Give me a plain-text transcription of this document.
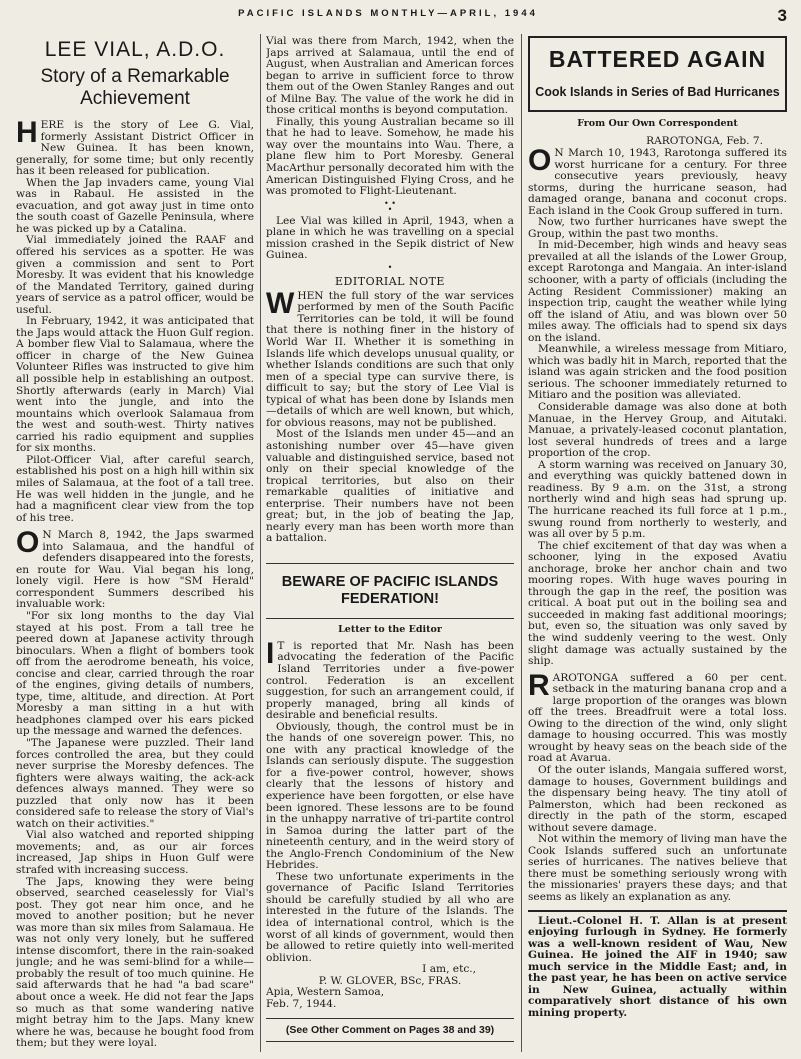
PACIFIC ISLANDS MONTHLY—APRIL, 1944	3
LEE VIAL, A.D.O.
Story of a Remarkable Achievement

HERE is the story of Lee G. Vial, formerly Assistant District Officer in New Guinea. It has been known, generally, for some time; but only recently has it been released for publication.

When the Jap invaders came, young Vial was in Rabaul. He assisted in the evacuation, and got away just in time onto the south coast of Gazelle Peninsula, where he was picked up by a Catalina.

Vial immediately joined the RAAF and offered his services as a spotter. He was given a commission and sent to Port Moresby. It was evident that his knowledge of the Mandated Territory, gained during years of service as a patrol officer, would be useful.

In February, 1942, it was anticipated that the Japs would attack the Huon Gulf region. A bomber flew Vial to Salamaua, where the officer in charge of the New Guinea Volunteer Rifles was instructed to give him all possible help in establishing an outpost. Shortly afterwards (early in March) Vial went into the jungle, and into the mountains which overlook Salamaua from the west and south-west. Thirty natives carried his radio equipment and supplies for six months.

Pilot-Officer Vial, after careful search, established his post on a high hill within six miles of Salamaua, at the foot of a tall tree. He was well hidden in the jungle, and he had a magnificent clear view from the top of his tree.

O N March 8, 1942, the Japs swarmed into Salamaua, and the handful of defenders disappeared into the forests, en route for Wau. Vial began his long, lonely vigil. Here is how "SM Herald" correspondent Summers described his invaluable work:

"For six long months to the day Vial stayed at his post. From a tall tree he peered down at Japanese activity through binoculars. When a flight of bombers took off from the aerodrome beneath, his voice, concise and clear, carried through the roar of the engines, giving details of numbers, type, time, altitude, and direction. At Port Moresby a man sitting in a hut with headphones clamped over his ears picked up the message and warned the defences.

"The Japanese were puzzled. Their land forces controlled the area, but they could never surprise the Moresby defences. The fighters were always waiting, the ack-ack defences always manned. They were so puzzled that only now has it been considered safe to release the story of Vial's watch on their activities."

Vial also watched and reported shipping movements; and, as our air forces increased, Jap ships in Huon Gulf were strafed with increasing success.

The Japs, knowing they were being observed, searched ceaselessly for Vial's post. They got near him once, and he moved to another position; but he never was more than six miles from Salamaua. He was not only very lonely, but he suffered intense discomfort, there in the rain-soaked jungle; and he was semi-blind for a while—probably the result of too much quinine. He said afterwards that he had "a bad scare" about once a week. He did not fear the Japs so much as that some wandering native might betray him to the Japs. Many knew where he was, because he bought food from them; but they were loyal.

Vial was there from March, 1942, when the Japs arrived at Salamaua, until the end of August, when Australian and American forces began to arrive in sufficient force to throw them out of the Owen Stanley Ranges and out of Milne Bay. The value of the work he did in those critical months is beyond computation.

Finally, this young Australian became so ill that he had to leave. Somehow, he made his way over the mountains into Wau. There, a plane flew him to Port Moresby. General MacArthur personally decorated him with the American Distinguished Flying Cross, and he was promoted to Flight-Lieutenant.

• • •

Lee Vial was killed in April, 1943, when a plane in which he was travelling on a special mission crashed in the Sepik district of New Guinea.

•
EDITORIAL NOTE

WHEN the full story of the war services performed by men of the South Pacific Territories can be told, it will be found that there is nothing finer in the history of World War II. Whether it is something in Islands life which develops unusual quality, or whether Islands conditions are such that only men of a special type can survive there, is difficult to say; but the story of Lee Vial is typical of what has been done by Islands men—details of which are well known, but which, for obvious reasons, may not be published.

Most of the Islands men under 45—and an astonishing number over 45—have given valuable and distinguished service, based not only on their special knowledge of the tropical territories, but also on their remarkable qualities of initiative and enterprise. Their numbers have not been great; but, in the job of beating the Jap, nearly every man has been worth more than a battalion.

BEWARE OF PACIFIC ISLANDS FEDERATION!
Letter to the Editor

I T is reported that Mr. Nash has been advocating the federation of the Pacific Island Territories under a five-power control. Federation is an excellent suggestion, for such an arrangement could, if properly managed, bring all kinds of desirable and beneficial results.

Obviously, though, the control must be in the hands of one sovereign power. This, no one with any practical knowledge of the Islands can seriously dispute. The suggestion for a five-power control, however, shows clearly that the lessons of history and experience have been forgotten, or else have been ignored. These lessons are to be found in the unhappy narrative of tri-partite control in Samoa during the latter part of the nineteenth century, and in the weird story of the Anglo-French Condominium of the New Hebrides.

These two unfortunate experiments in the governance of Pacific Island Territories should be carefully studied by all who are interested in the future of the Islands. The idea of international control, which is the worst of all kinds of government, would then be allowed to retire quietly into well-merited oblivion.

I am, etc.,
P. W. GLOVER, BSc, FRAS.
Apia, Western Samoa,
Feb. 7, 1944.
(See Other Comment on Pages 38 and 39)
BATTERED AGAIN
Cook Islands in Series of Bad Hurricanes
From Our Own Correspondent
RAROTONGA, Feb. 7.

O N March 10, 1943, Rarotonga suffered its worst hurricane for a century. For three consecutive years previously, heavy storms, during the hurricane season, had damaged orange, banana and coconut crops. Each island in the Cook Group suffered in turn.

Now, two further hurricanes have swept the Group, within the past two months.

In mid-December, high winds and heavy seas prevailed at all the islands of the Lower Group, except Rarotonga and Mangaia. An inter-island schooner, with a party of officials (including the Acting Resident Commissioner) making an inspection trip, caught the weather while lying off the island of Atiu, and was blown over 50 miles away. The officials had to spend six days on the island.

Meanwhile, a wireless message from Mitiaro, which was badly hit in March, reported that the island was again stricken and the food position serious. The schooner immediately returned to Mitiaro and the position was alleviated.

Considerable damage was also done at both Manuae, in the Hervey Group, and Aitutaki. Manuae, a privately-leased coconut plantation, lost several hundreds of trees and a large proportion of the crop.

A storm warning was received on January 30, and everything was quickly battened down in readiness. By 9 a.m. on the 31st, a strong northerly wind and high seas had sprung up. The hurricane reached its full force at 1 p.m., swung round from northerly to westerly, and was all over by 5 p.m.

The chief excitement of that day was when a schooner, lying in the exposed Avatiu anchorage, broke her anchor chain and two mooring ropes. With huge waves pouring in through the gap in the reef, the position was critical. A boat put out in the boiling sea and succeeded in making fast additional moorings; but, even so, the situation was only saved by the wind suddenly veering to the west. Only slight damage was actually sustained by the ship.

RAROTONGA suffered a 60 per cent. setback in the maturing banana crop and a large proportion of the oranges was blown off the trees. Breadfruit were a total loss. Owing to the direction of the wind, only slight damage to housing occurred. This was mostly wrought by heavy seas on the beach side of the road at Avarua.

Of the outer islands, Mangaia suffered worst, damage to houses, Government buildings and the dispensary being heavy. The tiny atoll of Palmerston, which had been reckoned as directly in the path of the storm, escaped without severe damage.

Not within the memory of living man have the Cook Islands suffered such an unfortunate series of hurricanes. The natives believe that there must be something seriously wrong with the missionaries' prayers these days; and that seems as likely an explanation as any.

Lieut.-Colonel H. T. Allan is at present enjoying furlough in Sydney. He formerly was a well-known resident of Wau, New Guinea. He joined the AIF in 1940; saw much service in the Middle East; and, in the past year, he has been on active service in New Guinea, actually within comparatively short distance of his own mining property.
